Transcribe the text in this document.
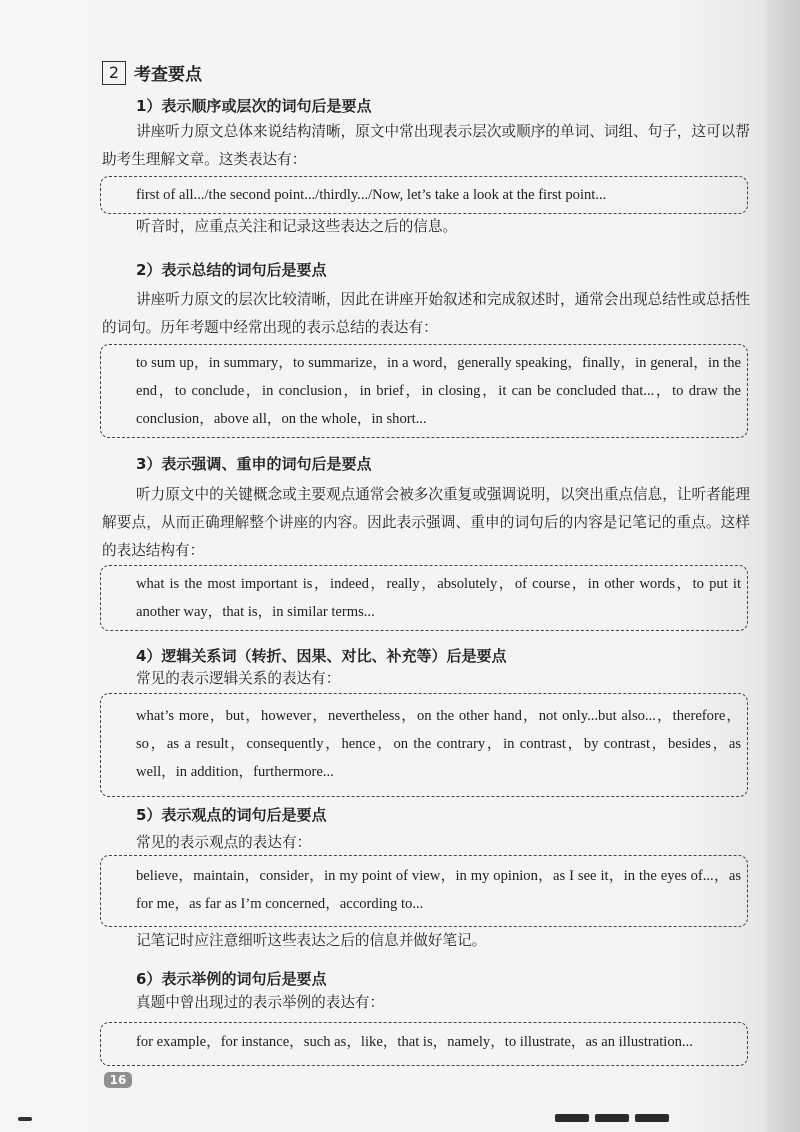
2 考查要点
1）表示顺序或层次的词句后是要点
讲座听力原文总体来说结构清晰，原文中常出现表示层次或顺序的单词、词组、句子，这可以帮助考生理解文章。这类表达有：
first of all.../the second point.../thirdly.../Now, let’s take a look at the first point...
听音时，应重点关注和记录这些表达之后的信息。
2）表示总结的词句后是要点
讲座听力原文的层次比较清晰，因此在讲座开始叙述和完成叙述时，通常会出现总结性或总括性的词句。历年考题中经常出现的表示总结的表达有：
to sum up，in summary，to summarize，in a word，generally speaking，finally，in general，in the end，to conclude，in conclusion，in brief，in closing，it can be concluded that...，to draw the conclusion，above all，on the whole，in short...
3）表示强调、重申的词句后是要点
听力原文中的关键概念或主要观点通常会被多次重复或强调说明，以突出重点信息，让听者能理解要点，从而正确理解整个讲座的内容。因此表示强调、重申的词句后的内容是记笔记的重点。这样的表达结构有：
what is the most important is，indeed，really，absolutely，of course，in other words，to put it another way，that is，in similar terms...
4）逻辑关系词（转折、因果、对比、补充等）后是要点
常见的表示逻辑关系的表达有：
what’s more，but，however，nevertheless，on the other hand，not only...but also...，therefore，so，as a result，consequently，hence，on the contrary，in contrast，by contrast，besides，as well，in addition，furthermore...
5）表示观点的词句后是要点
常见的表示观点的表达有：
believe，maintain，consider，in my point of view，in my opinion，as I see it，in the eyes of...，as for me，as far as I’m concerned，according to...
记笔记时应注意细听这些表达之后的信息并做好笔记。
6）表示举例的词句后是要点
真题中曾出现过的表示举例的表达有：
for example，for instance，such as，like，that is，namely，to illustrate，as an illustration...
16
